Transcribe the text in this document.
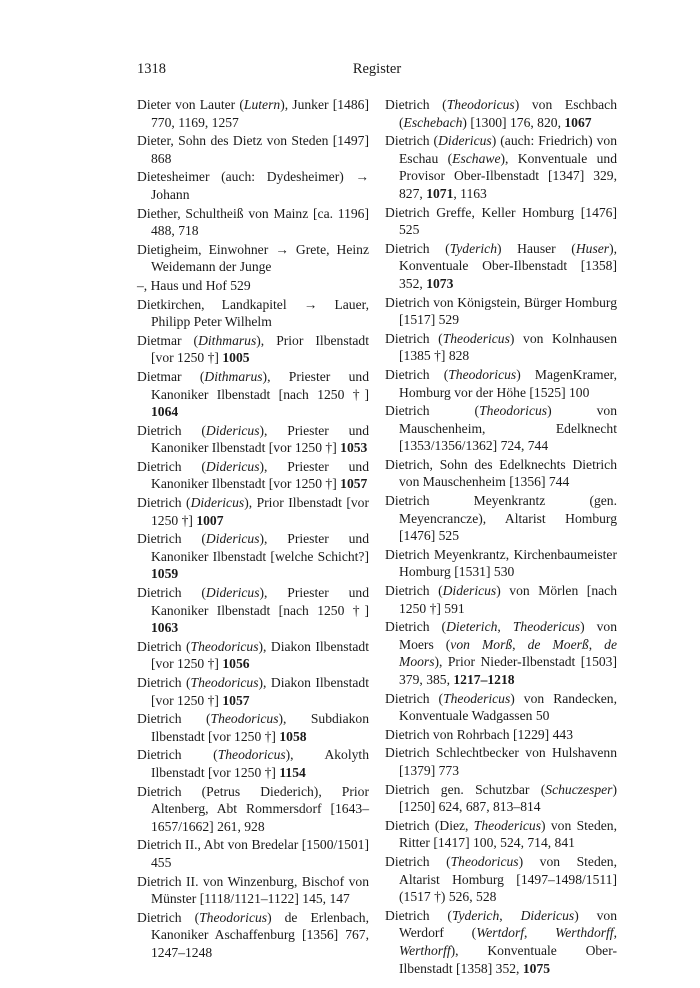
1318	Register

Dieter von Lauter (Lutern), Junker [1486] 770, 1169, 1257

Dieter, Sohn des Dietz von Steden [1497] 868

Dietesheimer (auch: Dydesheimer) → Johann

Diether, Schultheiß von Mainz [ca. 1196] 488, 718

Dietigheim, Einwohner → Grete, Heinz Weidemann der Junge

–, Haus und Hof 529

Dietkirchen, Landkapitel → Lauer, Philipp Peter Wilhelm

Dietmar (Dithmarus), Prior Ilbenstadt [vor 1250 †] 1005

Dietmar (Dithmarus), Priester und Kanoniker Ilbenstadt [nach 1250 †] 1064

Dietrich (Didericus), Priester und Kanoniker Ilbenstadt [vor 1250 †] 1053

Dietrich (Didericus), Priester und Kanoniker Ilbenstadt [vor 1250 †] 1057

Dietrich (Didericus), Prior Ilbenstadt [vor 1250 †] 1007

Dietrich (Didericus), Priester und Kanoniker Ilbenstadt [welche Schicht?] 1059

Dietrich (Didericus), Priester und Kanoniker Ilbenstadt [nach 1250 †] 1063

Dietrich (Theodoricus), Diakon Ilbenstadt [vor 1250 †] 1056

Dietrich (Theodoricus), Diakon Ilbenstadt [vor 1250 †] 1057

Dietrich (Theodoricus), Subdiakon Ilbenstadt [vor 1250 †] 1058

Dietrich (Theodoricus), Akolyth Ilbenstadt [vor 1250 †] 1154

Dietrich (Petrus Diederich), Prior Altenberg, Abt Rommersdorf [1643–1657/1662] 261, 928

Dietrich II., Abt von Bredelar [1500/1501] 455

Dietrich II. von Winzenburg, Bischof von Münster [1118/1121–1122] 145, 147

Dietrich (Theodoricus) de Erlenbach, Kanoniker Aschaffenburg [1356] 767, 1247–1248

Dietrich (Theodoricus) von Eschbach (Eschebach) [1300] 176, 820, 1067

Dietrich (Didericus) (auch: Friedrich) von Eschau (Eschawe), Konventuale und Provisor Ober-Ilbenstadt [1347] 329, 827, 1071, 1163

Dietrich Greffe, Keller Homburg [1476] 525

Dietrich (Tyderich) Hauser (Huser), Konventuale Ober-Ilbenstadt [1358] 352, 1073

Dietrich von Königstein, Bürger Homburg [1517] 529

Dietrich (Theodericus) von Kolnhausen [1385 †] 828

Dietrich (Theodoricus) MagenKramer, Homburg vor der Höhe [1525] 100

Dietrich (Theodoricus) von Mauschenheim, Edelknecht [1353/1356/1362] 724, 744

Dietrich, Sohn des Edelknechts Dietrich von Mauschenheim [1356] 744

Dietrich Meyenkrantz (gen. Meyencrancze), Altarist Homburg [1476] 525

Dietrich Meyenkrantz, Kirchenbaumeister Homburg [1531] 530

Dietrich (Didericus) von Mörlen [nach 1250 †] 591

Dietrich (Dieterich, Theodericus) von Moers (von Morß, de Moerß, de Moors), Prior Nieder-Ilbenstadt [1503] 379, 385, 1217–1218

Dietrich (Theodericus) von Randecken, Konventuale Wadgassen 50

Dietrich von Rohrbach [1229] 443

Dietrich Schlechtbecker von Hulshavenn [1379] 773

Dietrich gen. Schutzbar (Schuczesper) [1250] 624, 687, 813–814

Dietrich (Diez, Theodericus) von Steden, Ritter [1417] 100, 524, 714, 841

Dietrich (Theodoricus) von Steden, Altarist Homburg [1497–1498/1511] (1517 †) 526, 528

Dietrich (Tyderich, Didericus) von Werdorf (Wertdorf, Werthdorff, Werthorff), Konventuale Ober-Ilbenstadt [1358] 352, 1075
